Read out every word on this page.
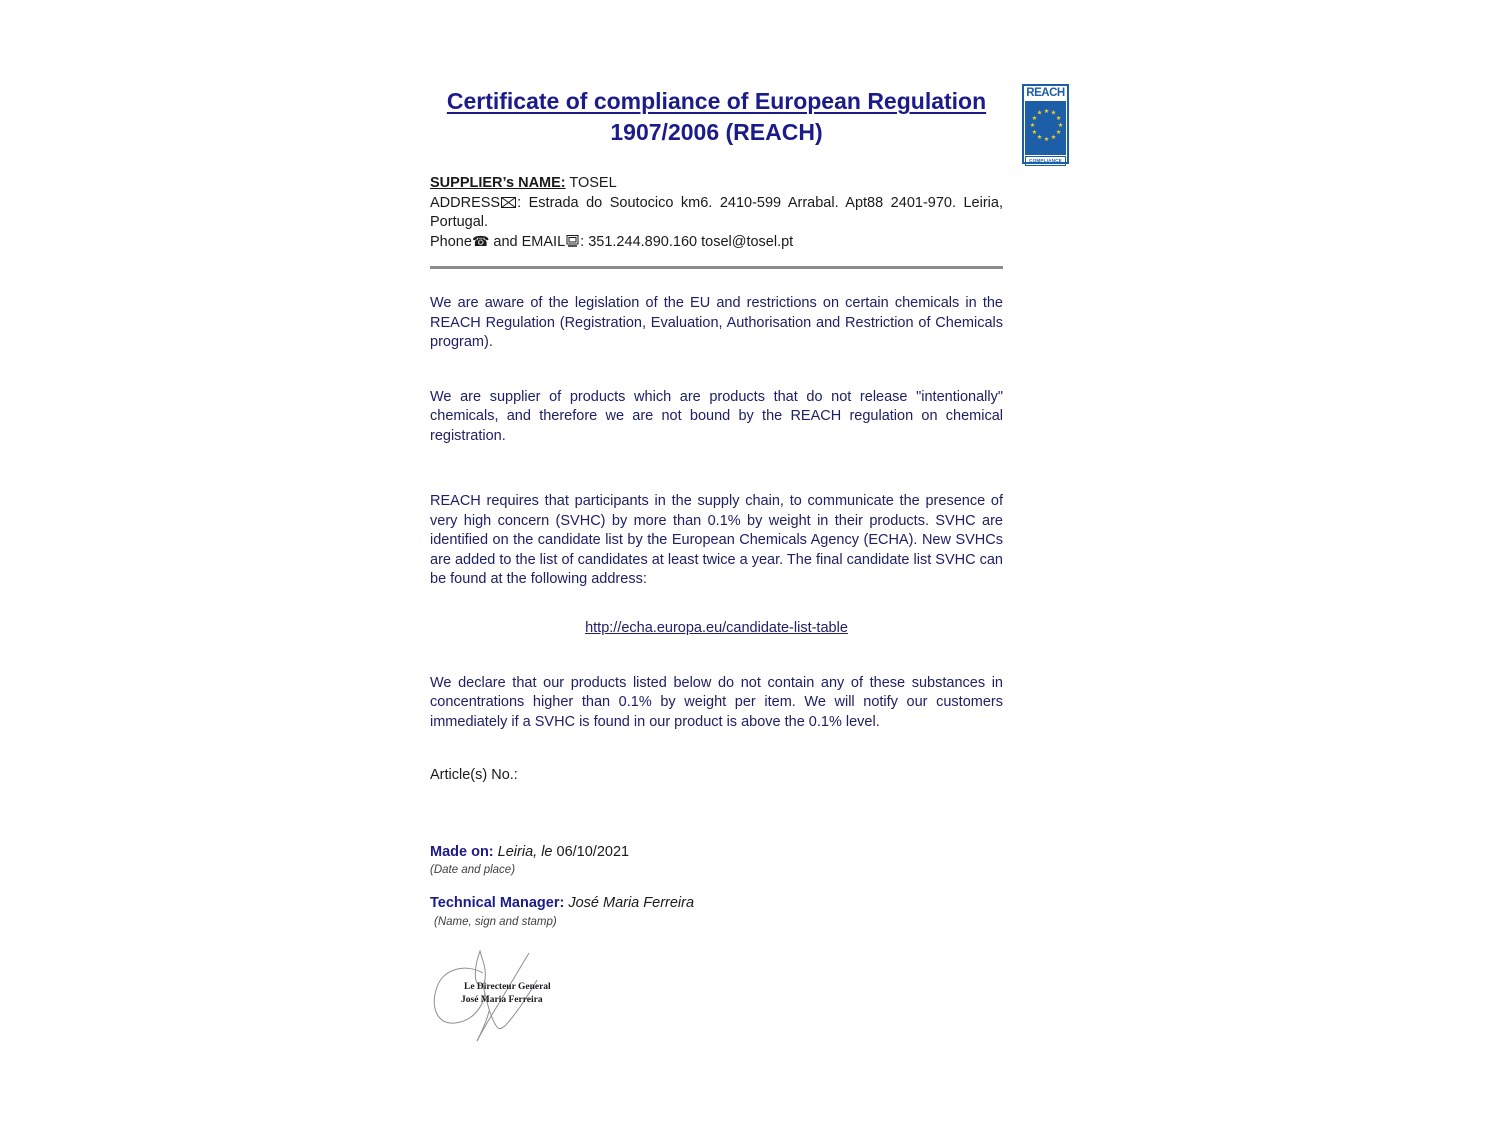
REACH
★ ★
★
★
★
★
★
★
★
★
★
★
COMPLIANCE
Certificate of compliance of European Regulation
1907/2006 (REACH)

SUPPLIER’s NAME: TOSEL

ADDRESS : Estrada do Soutocico km6. 2410-599 Arrabal. Apt88 2401-970. Leiria, Portugal.

Phone☎ and EMAIL : 351.244.890.160 tosel@tosel.pt

We are aware of the legislation of the EU and restrictions on certain chemicals in the REACH Regulation (Registration, Evaluation, Authorisation and Restriction of Chemicals program).

We are supplier of products which are products that do not release "intentionally" chemicals, and therefore we are not bound by the REACH regulation on chemical registration.

REACH requires that participants in the supply chain, to communicate the presence of very high concern (SVHC) by more than 0.1% by weight in their products. SVHC are identified on the candidate list by the European Chemicals Agency (ECHA). New SVHCs are added to the list of candidates at least twice a year. The final candidate list SVHC can be found at the following address:

http://echa.europa.eu/candidate-list-table

We declare that our products listed below do not contain any of these substances in concentrations higher than 0.1% by weight per item. We will notify our customers immediately if a SVHC is found in our product is above the 0.1% level.

Article(s) No.:

Made on: Leiria, le 06/10/2021

(Date and place)

Technical Manager: José Maria Ferreira

(Name, sign and stamp)

Le Directeur General
José Maria Ferreira
